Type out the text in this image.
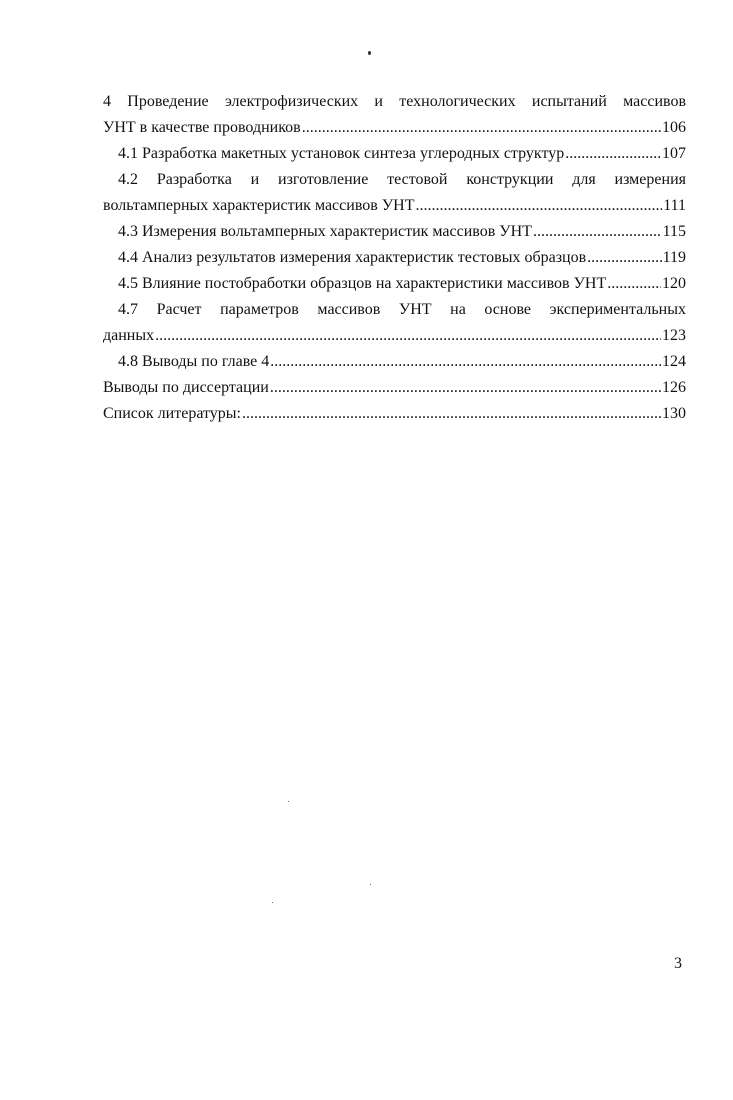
4 Проведение электрофизических и технологических испытаний массивов
УНТ в качестве проводников .....	106
4.1 Разработка макетных установок синтеза углеродных структур .....	107
4.2 Разработка и изготовление тестовой конструкции для измерения
вольтамперных характеристик массивов УНТ .....	111
4.3 Измерения вольтамперных характеристик массивов УНТ .....	115
4.4 Анализ результатов измерения характеристик тестовых образцов .....	119
4.5 Влияние постобработки образцов на характеристики массивов УНТ .....	120
4.7 Расчет параметров массивов УНТ на основе экспериментальных
данных .....	123
4.8 Выводы по главе 4 .....	124
Выводы по диссертации .....	126
Список литературы: .....	130
3
